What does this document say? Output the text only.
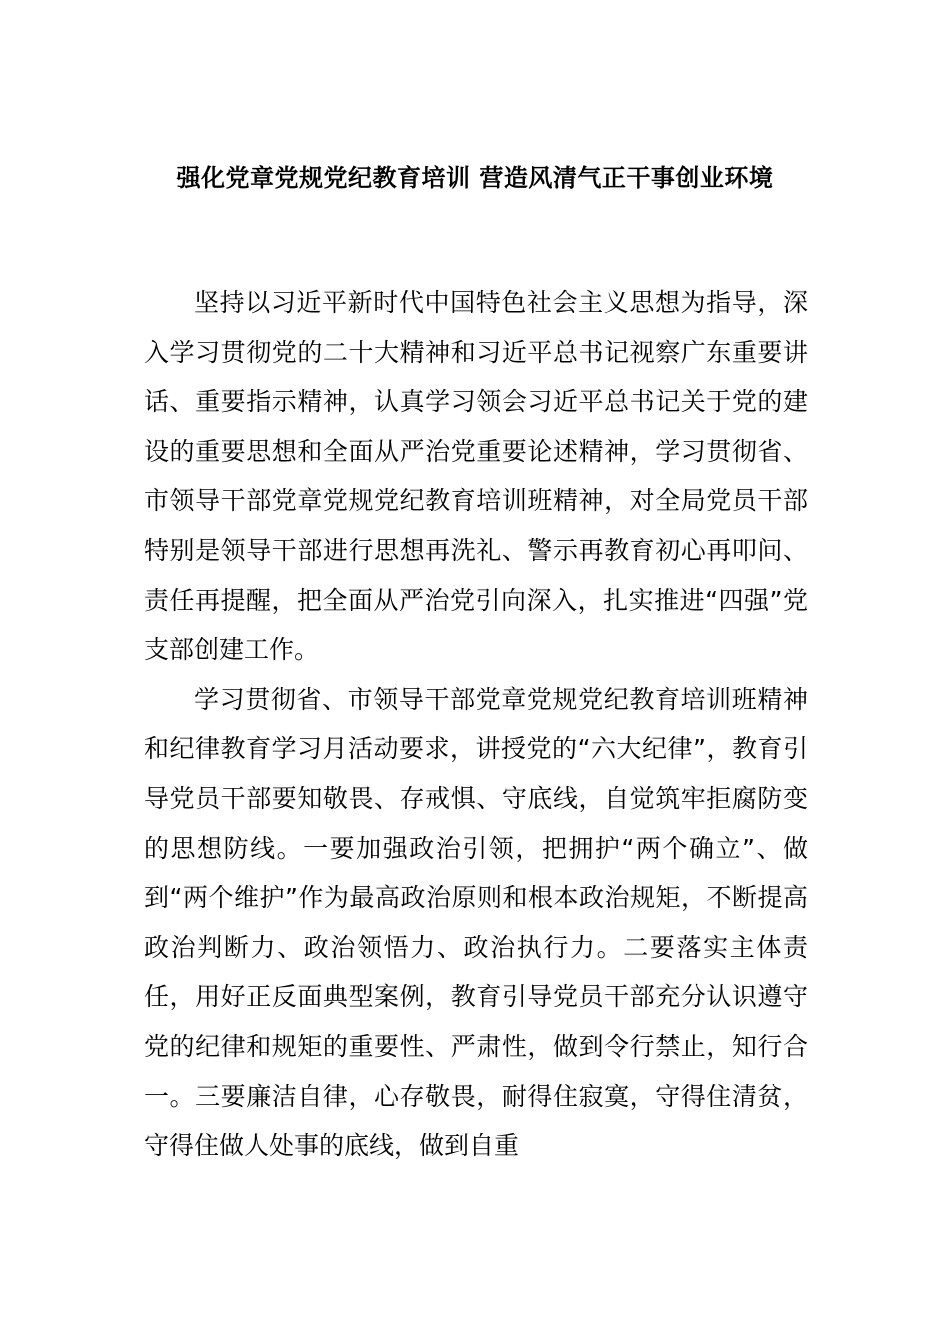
强化党章党规党纪教育培训 营造风清气正干事创业环境

坚持以习近平新时代中国特色社会主义思想为指导，深入学习贯彻党的二十大精神和习近平总书记视察广东重要讲话、重要指示精神，认真学习领会习近平总书记关于党的建设的重要思想和全面从严治党重要论述精神，学习贯彻省、市领导干部党章党规党纪教育培训班精神，对全局党员干部特别是领导干部进行思想再洗礼、警示再教育初心再叩问、责任再提醒，把全面从严治党引向深入，扎实推进“四强”党支部创建工作。

学习贯彻省、市领导干部党章党规党纪教育培训班精神和纪律教育学习月活动要求，讲授党的“六大纪律”，教育引导党员干部要知敬畏、存戒惧、守底线，自觉筑牢拒腐防变的思想防线。一要加强政治引领，把拥护“两个确立”、做到“两个维护”作为最高政治原则和根本政治规矩，不断提高政治判断力、政治领悟力、政治执行力。二要落实主体责任，用好正反面典型案例，教育引导党员干部充分认识遵守党的纪律和规矩的重要性、严肃性，做到令行禁止，知行合一。三要廉洁自律，心存敬畏，耐得住寂寞，守得住清贫，守得住做人处事的底线，做到自重
